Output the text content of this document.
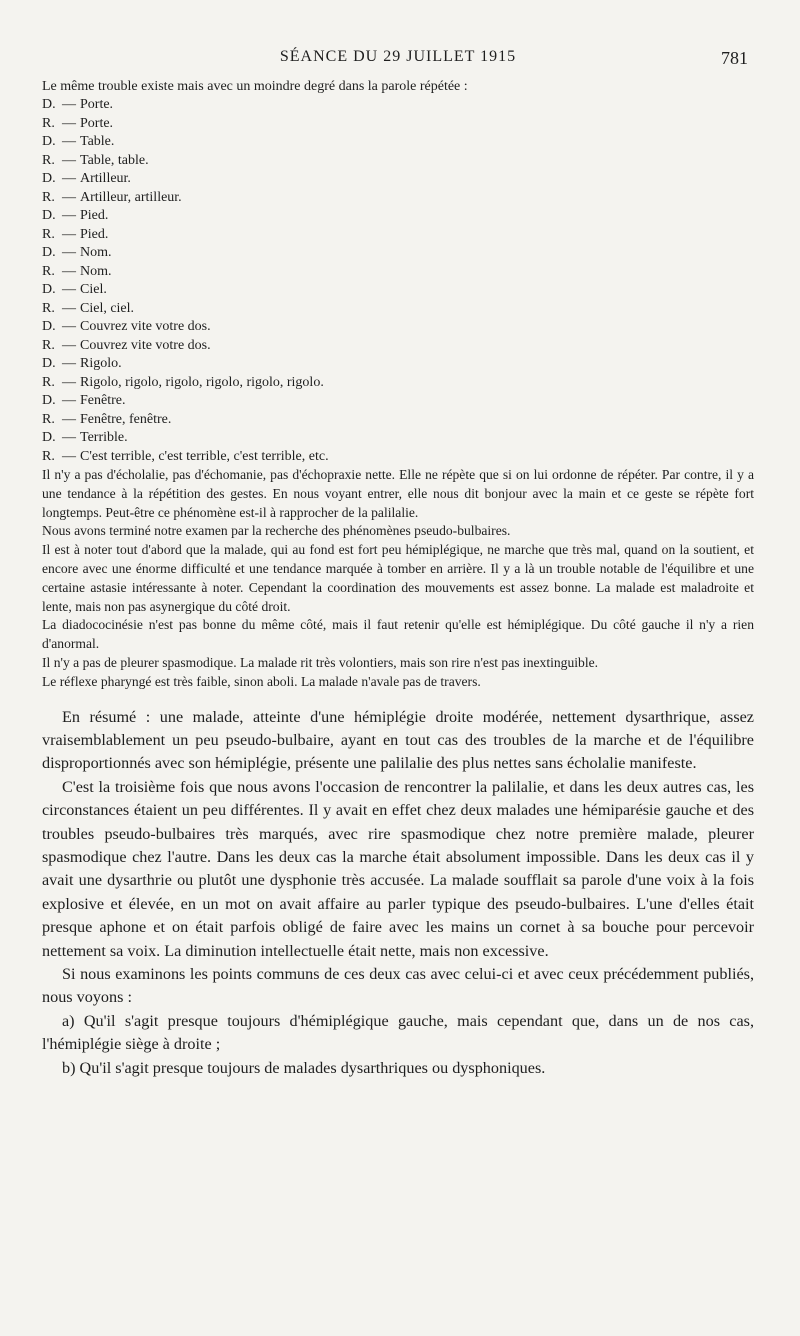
SÉANCE DU 29 JUILLET 1915	781

Le même trouble existe mais avec un moindre degré dans la parole répétée :

D. — Porte.
R. — Porte.
D. — Table.
R. — Table, table.
D. — Artilleur.
R. — Artilleur, artilleur.
D. — Pied.
R. — Pied.
D. — Nom.
R. — Nom.
D. — Ciel.
R. — Ciel, ciel.
D. — Couvrez vite votre dos.
R. — Couvrez vite votre dos.
D. — Rigolo.
R. — Rigolo, rigolo, rigolo, rigolo, rigolo, rigolo.
D. — Fenêtre.
R. — Fenêtre, fenêtre.
D. — Terrible.
R. — C'est terrible, c'est terrible, c'est terrible, etc.

Il n'y a pas d'écholalie, pas d'échomanie, pas d'échopraxie nette. Elle ne répète que si on lui ordonne de répéter. Par contre, il y a une tendance à la répétition des gestes. En nous voyant entrer, elle nous dit bonjour avec la main et ce geste se répète fort longtemps. Peut-être ce phénomène est-il à rapprocher de la palilalie.

Nous avons terminé notre examen par la recherche des phénomènes pseudo-bulbaires.

Il est à noter tout d'abord que la malade, qui au fond est fort peu hémiplégique, ne marche que très mal, quand on la soutient, et encore avec une énorme difficulté et une tendance marquée à tomber en arrière. Il y a là un trouble notable de l'équilibre et une certaine astasie intéressante à noter. Cependant la coordination des mouvements est assez bonne. La malade est maladroite et lente, mais non pas asynergique du côté droit.

La diadococinésie n'est pas bonne du même côté, mais il faut retenir qu'elle est hémiplégique. Du côté gauche il n'y a rien d'anormal.

Il n'y a pas de pleurer spasmodique. La malade rit très volontiers, mais son rire n'est pas inextinguible.

Le réflexe pharyngé est très faible, sinon aboli. La malade n'avale pas de travers.

En résumé : une malade, atteinte d'une hémiplégie droite modérée, nettement dysarthrique, assez vraisemblablement un peu pseudo-bulbaire, ayant en tout cas des troubles de la marche et de l'équilibre disproportionnés avec son hémiplégie, présente une palilalie des plus nettes sans écholalie manifeste.

C'est la troisième fois que nous avons l'occasion de rencontrer la palilalie, et dans les deux autres cas, les circonstances étaient un peu différentes. Il y avait en effet chez deux malades une hémiparésie gauche et des troubles pseudo-bulbaires très marqués, avec rire spasmodique chez notre première malade, pleurer spasmodique chez l'autre. Dans les deux cas la marche était absolument impossible. Dans les deux cas il y avait une dysarthrie ou plutôt une dysphonie très accusée. La malade soufflait sa parole d'une voix à la fois explosive et élevée, en un mot on avait affaire au parler typique des pseudo-bulbaires. L'une d'elles était presque aphone et on était parfois obligé de faire avec les mains un cornet à sa bouche pour percevoir nettement sa voix. La diminution intellectuelle était nette, mais non excessive.

Si nous examinons les points communs de ces deux cas avec celui-ci et avec ceux précédemment publiés, nous voyons :

a) Qu'il s'agit presque toujours d'hémiplégique gauche, mais cependant que, dans un de nos cas, l'hémiplégie siège à droite ;

b) Qu'il s'agit presque toujours de malades dysarthriques ou dysphoniques.
